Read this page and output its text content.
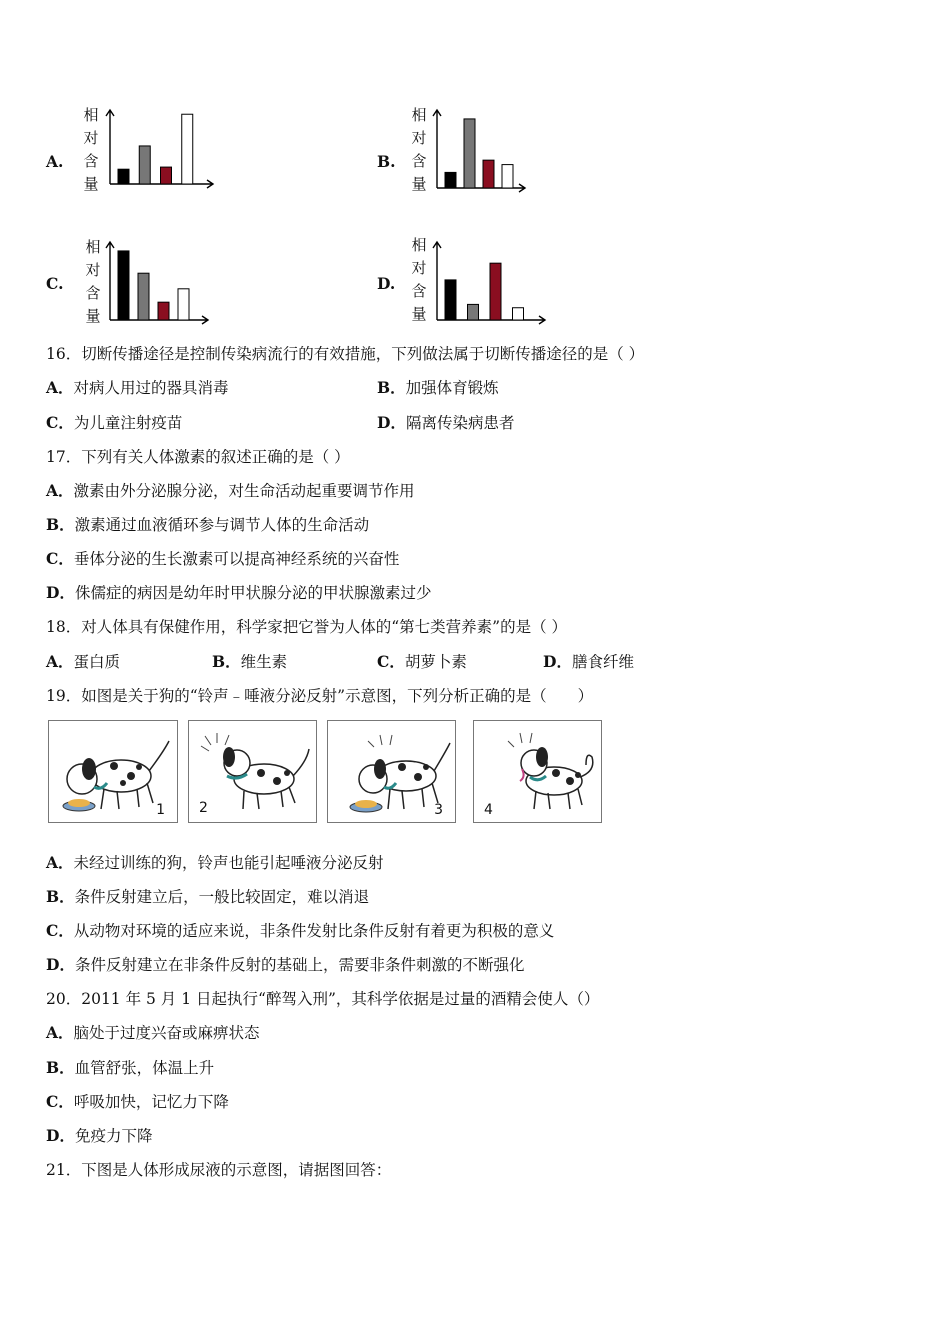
A.
相
对
含
量
B.
相
对
含
量
C.
相
对
含
量
D.
相
对
含
量
16．切断传播途径是控制传染病流行的有效措施，下列做法属于切断传播途径的是（ ）
A．对病人用过的器具消毒	B．加强体育锻炼
C．为儿童注射疫苗	D．隔离传染病患者
17．下列有关人体激素的叙述正确的是（ ）
A．激素由外分泌腺分泌，对生命活动起重要调节作用
B．激素通过血液循环参与调节人体的生命活动
C．垂体分泌的生长激素可以提高神经系统的兴奋性
D．侏儒症的病因是幼年时甲状腺分泌的甲状腺激素过少
18．对人体具有保健作用，科学家把它誉为人体的“第七类营养素”的是（ ）
A．蛋白质	B．维生素	C．胡萝卜素	D．膳食纤维
19．如图是关于狗的“铃声﹣唾液分泌反射”示意图，下列分析正确的是（　　）
1 2	3	4
A．未经过训练的狗，铃声也能引起唾液分泌反射
B．条件反射建立后，一般比较固定，难以消退
C．从动物对环境的适应来说，非条件发射比条件反射有着更为积极的意义
D．条件反射建立在非条件反射的基础上，需要非条件刺激的不断强化
20．2011 年 5 月 1 日起执行“醉驾入刑”，其科学依据是过量的酒精会使人（）
A．脑处于过度兴奋或麻痹状态
B．血管舒张，体温上升
C．呼吸加快，记忆力下降
D．免疫力下降
21．下图是人体形成尿液的示意图，请据图回答：
